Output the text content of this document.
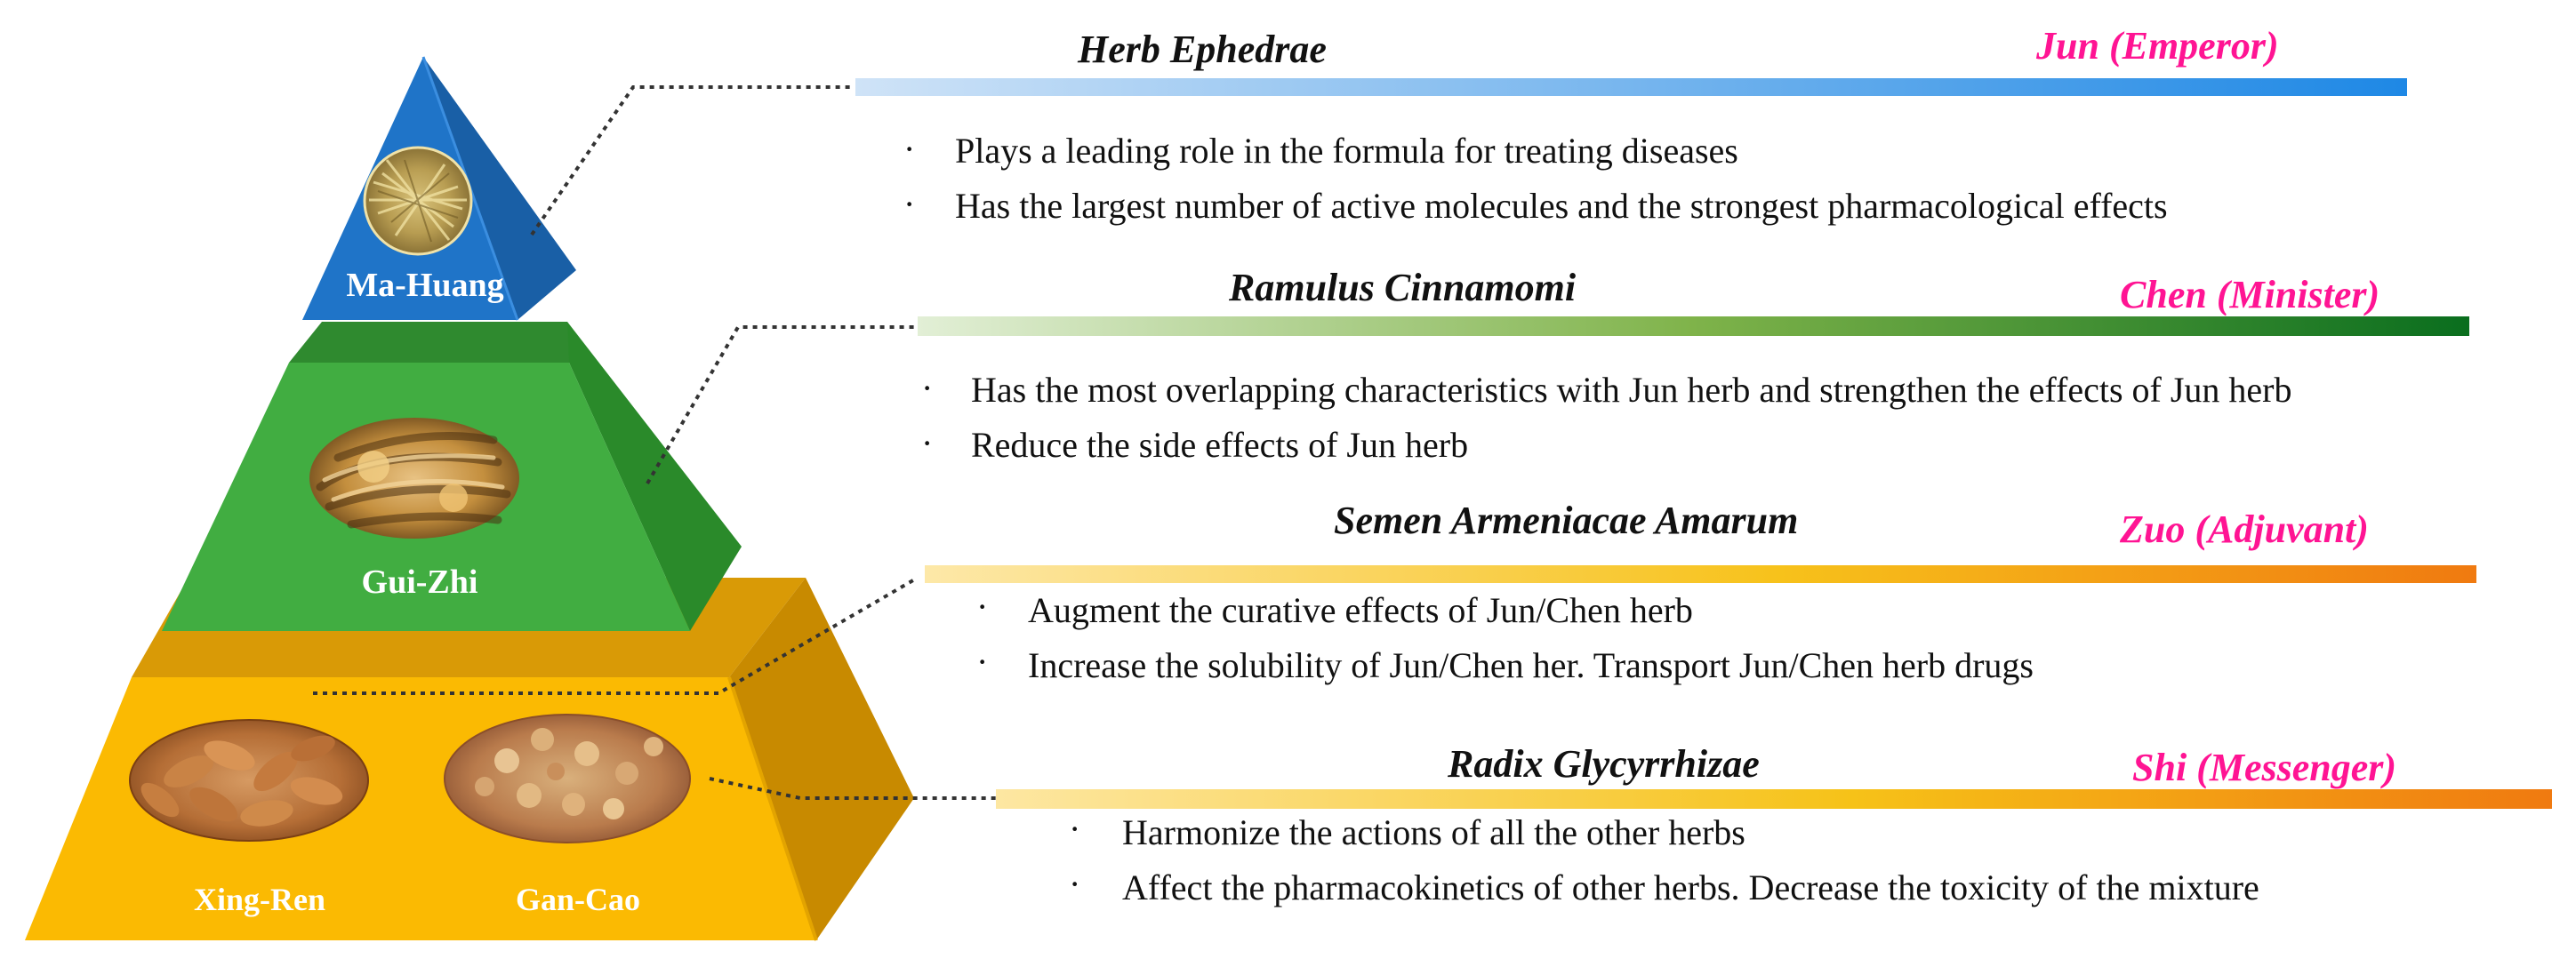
Ma-Huang
Gui-Zhi
Xing-Ren	Gan-Cao
Herb Ephedrae	Jun (Emperor)
· Plays a leading role in the formula for treating diseases
· Has the largest number of active molecules and the strongest pharmacological effects
Ramulus Cinnamomi	Chen (Minister)
· Has the most overlapping characteristics with Jun herb and strengthen the effects of Jun herb
· Reduce the side effects of Jun herb
Semen Armeniacae Amarum	Zuo (Adjuvant)
· Augment the curative effects of Jun/Chen herb
· Increase the solubility of Jun/Chen her. Transport Jun/Chen herb drugs
Radix Glycyrrhizae	Shi (Messenger)
· Harmonize the actions of all the other herbs
· Affect the pharmacokinetics of other herbs. Decrease the toxicity of the mixture
